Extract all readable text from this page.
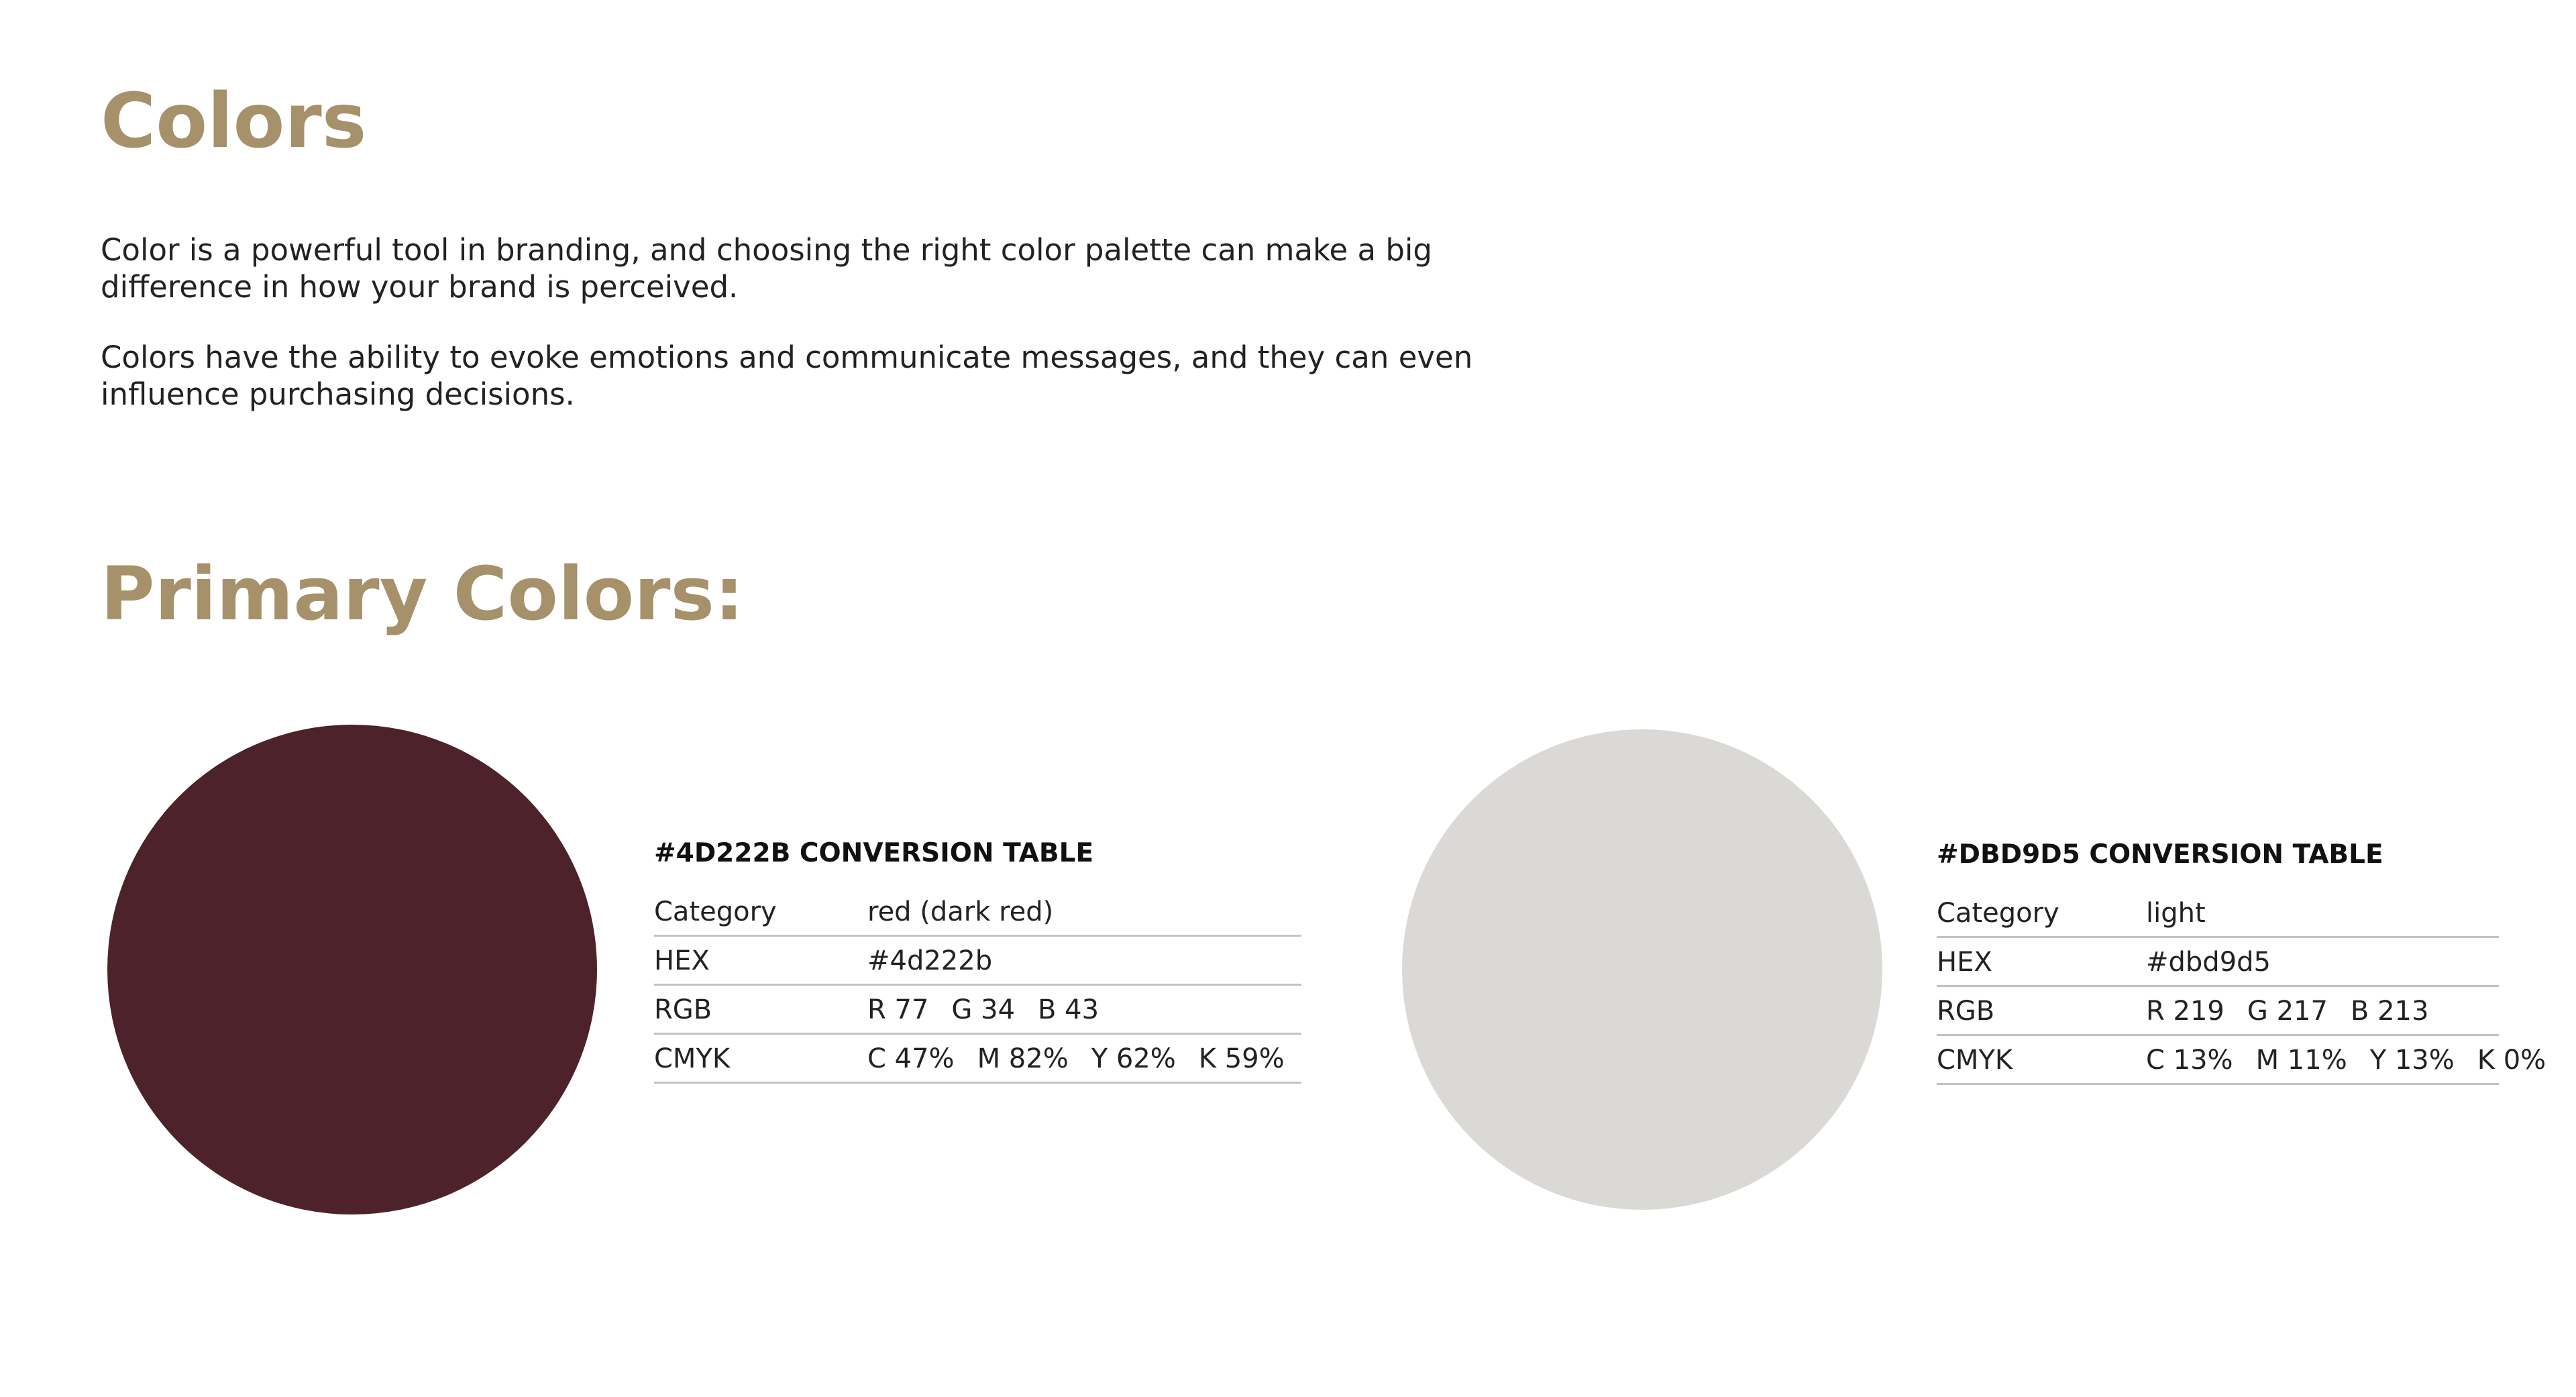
Colors

Color is a powerful tool in branding, and choosing the right color palette can make a big difference in how your brand is perceived.

Colors have the ability to evoke emotions and communicate messages, and they can even influence purchasing decisions.

Primary Colors:
#4D222B CONVERSION TABLE
Category	red (dark red)
HEX	#4d222b
RGB	R 77 G 34 B 43
CMYK	C 47% M 82% Y 62% K 59%
#DBD9D5 CONVERSION TABLE
Category	light
HEX	#dbd9d5
RGB	R 219 G 217 B 213
CMYK	C 13% M 11% Y 13% K 0%
